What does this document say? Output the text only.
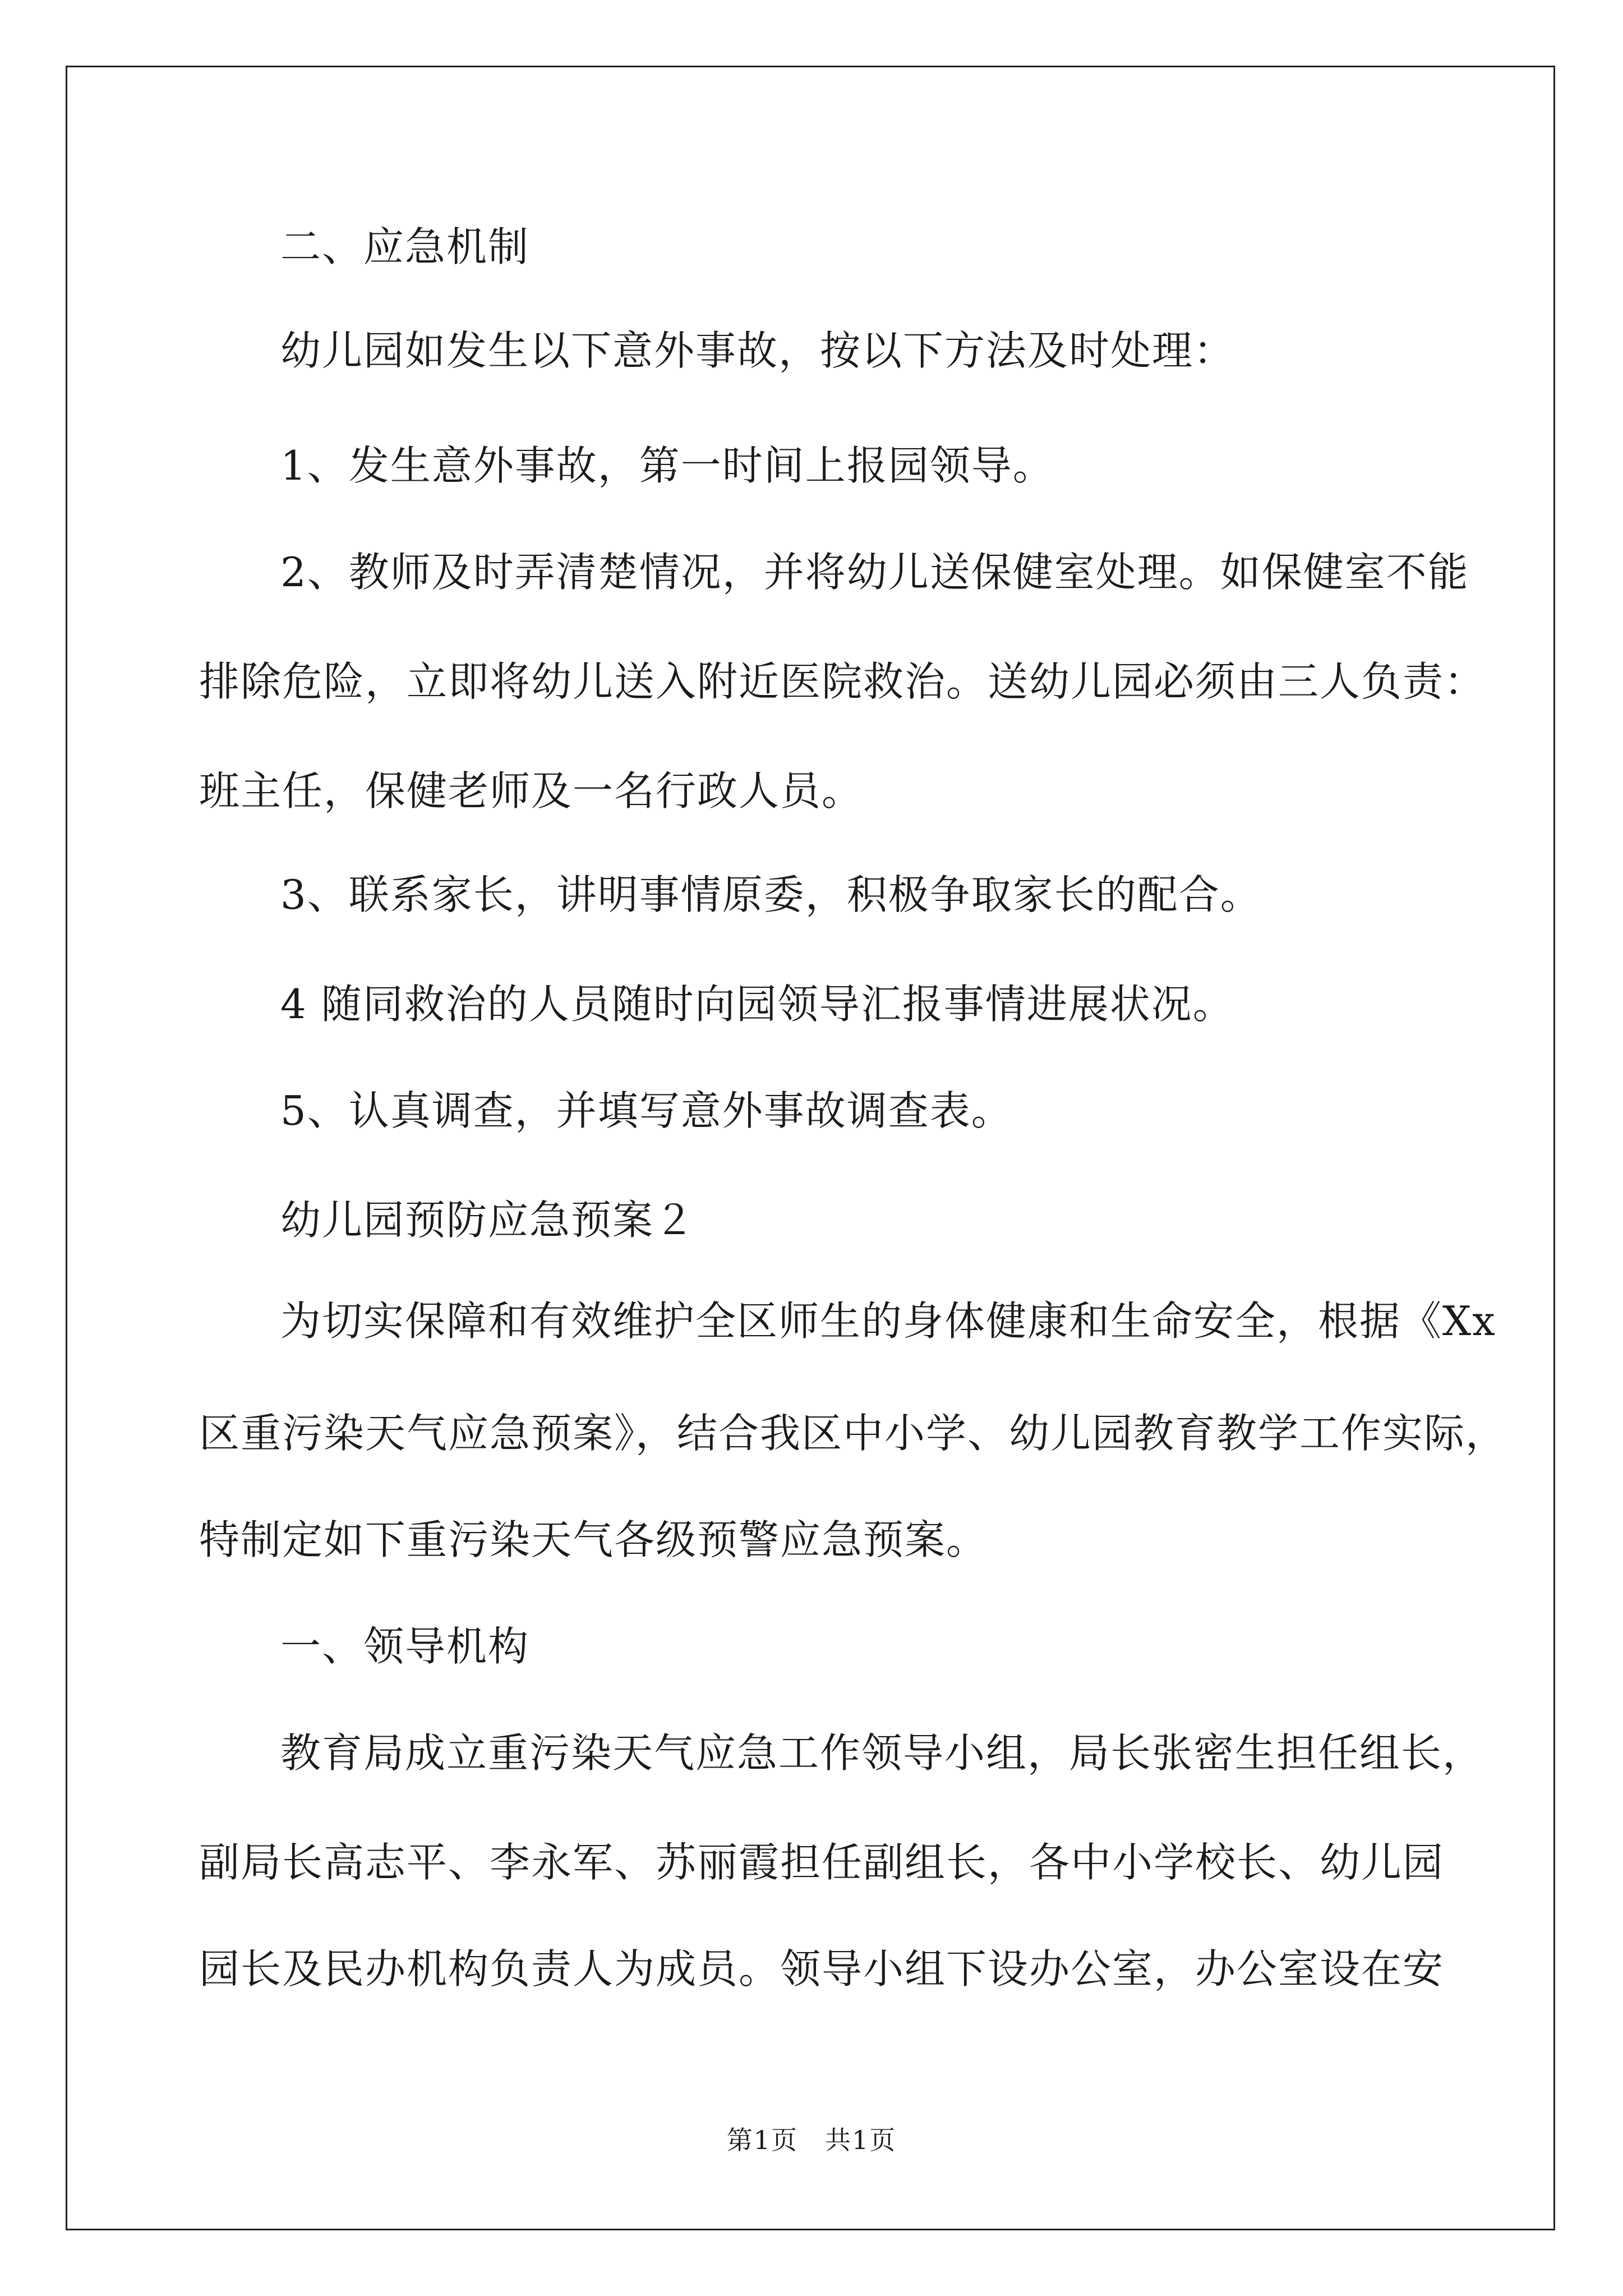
二、应急机制
幼儿园如发生以下意外事故，按以下方法及时处理：
1、发生意外事故，第一时间上报园领导。
2、教师及时弄清楚情况，并将幼儿送保健室处理。如保健室不能
排除危险，立即将幼儿送入附近医院救治。送幼儿园必须由三人负责：
班主任，保健老师及一名行政人员。
3、联系家长，讲明事情原委，积极争取家长的配合。
4 随同救治的人员随时向园领导汇报事情进展状况。
5、认真调查，并填写意外事故调查表。
幼儿园预防应急预案２
为切实保障和有效维护全区师生的身体健康和生命安全，根据《Xx
区重污染天气应急预案》，结合我区中小学、幼儿园教育教学工作实际，
特制定如下重污染天气各级预警应急预案。
一、领导机构
教育局成立重污染天气应急工作领导小组，局长张密生担任组长，
副局长高志平、李永军、苏丽霞担任副组长，各中小学校长、幼儿园
园长及民办机构负责人为成员。领导小组下设办公室，办公室设在安
第1页　共1页
